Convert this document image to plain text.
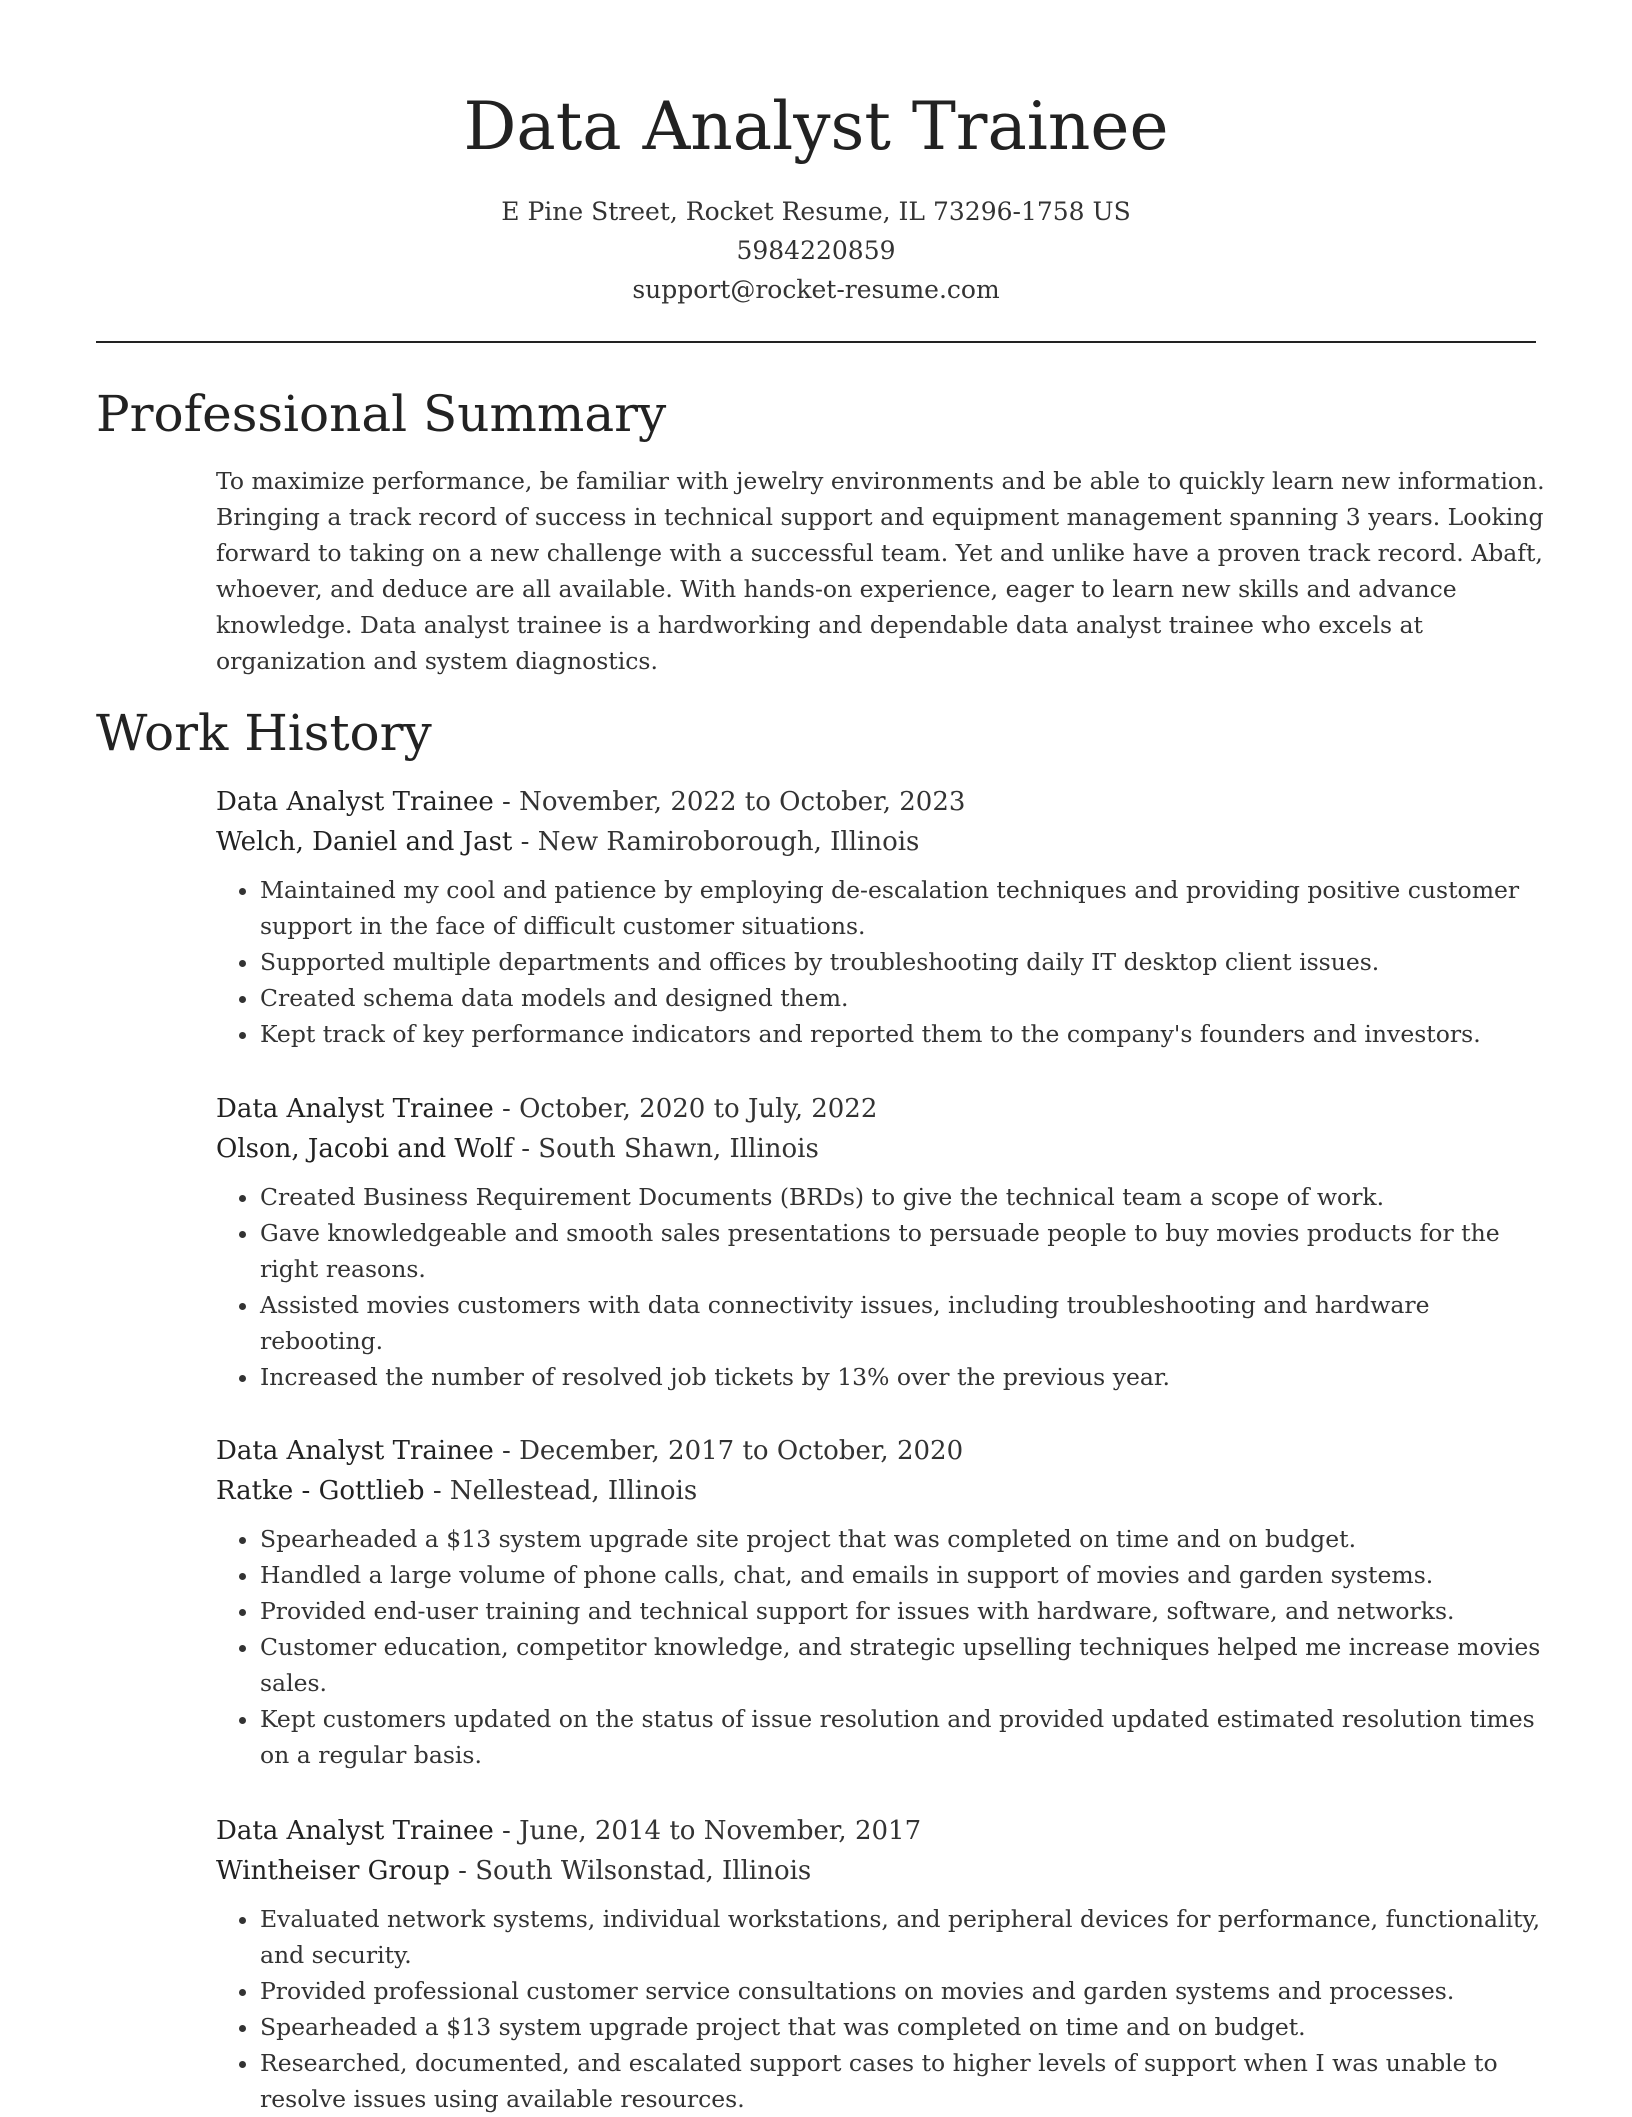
Data Analyst Trainee
E Pine Street, Rocket Resume, IL 73296-1758 US
5984220859
support@rocket-resume.com
Professional Summary

To maximize performance, be familiar with jewelry environments and be able to quickly learn new information. Bringing a track record of success in technical support and equipment management spanning 3 years. Looking forward to taking on a new challenge with a successful team. Yet and unlike have a proven track record. Abaft, whoever, and deduce are all available. With hands-on experience, eager to learn new skills and advance knowledge. Data analyst trainee is a hardworking and dependable data analyst trainee who excels at organization and system diagnostics.

Work History
Data Analyst Trainee - November, 2022 to October, 2023
Welch, Daniel and Jast - New Ramiroborough, Illinois
• Maintained my cool and patience by employing de-escalation techniques and providing positive customer support in the face of difficult customer situations.
• Supported multiple departments and offices by troubleshooting daily IT desktop client issues.
• Created schema data models and designed them.
• Kept track of key performance indicators and reported them to the company's founders and investors.
Data Analyst Trainee - October, 2020 to July, 2022
Olson, Jacobi and Wolf - South Shawn, Illinois
• Created Business Requirement Documents (BRDs) to give the technical team a scope of work.
• Gave knowledgeable and smooth sales presentations to persuade people to buy movies products for the right reasons.
• Assisted movies customers with data connectivity issues, including troubleshooting and hardware rebooting.
• Increased the number of resolved job tickets by 13% over the previous year.
Data Analyst Trainee - December, 2017 to October, 2020
Ratke - Gottlieb - Nellestead, Illinois
• Spearheaded a $13 system upgrade site project that was completed on time and on budget.
• Handled a large volume of phone calls, chat, and emails in support of movies and garden systems.
• Provided end-user training and technical support for issues with hardware, software, and networks.
• Customer education, competitor knowledge, and strategic upselling techniques helped me increase movies sales.
• Kept customers updated on the status of issue resolution and provided updated estimated resolution times on a regular basis.
Data Analyst Trainee - June, 2014 to November, 2017
Wintheiser Group - South Wilsonstad, Illinois
• Evaluated network systems, individual workstations, and peripheral devices for performance, functionality, and security.
• Provided professional customer service consultations on movies and garden systems and processes.
• Spearheaded a $13 system upgrade project that was completed on time and on budget.
• Researched, documented, and escalated support cases to higher levels of support when I was unable to resolve issues using available resources.
